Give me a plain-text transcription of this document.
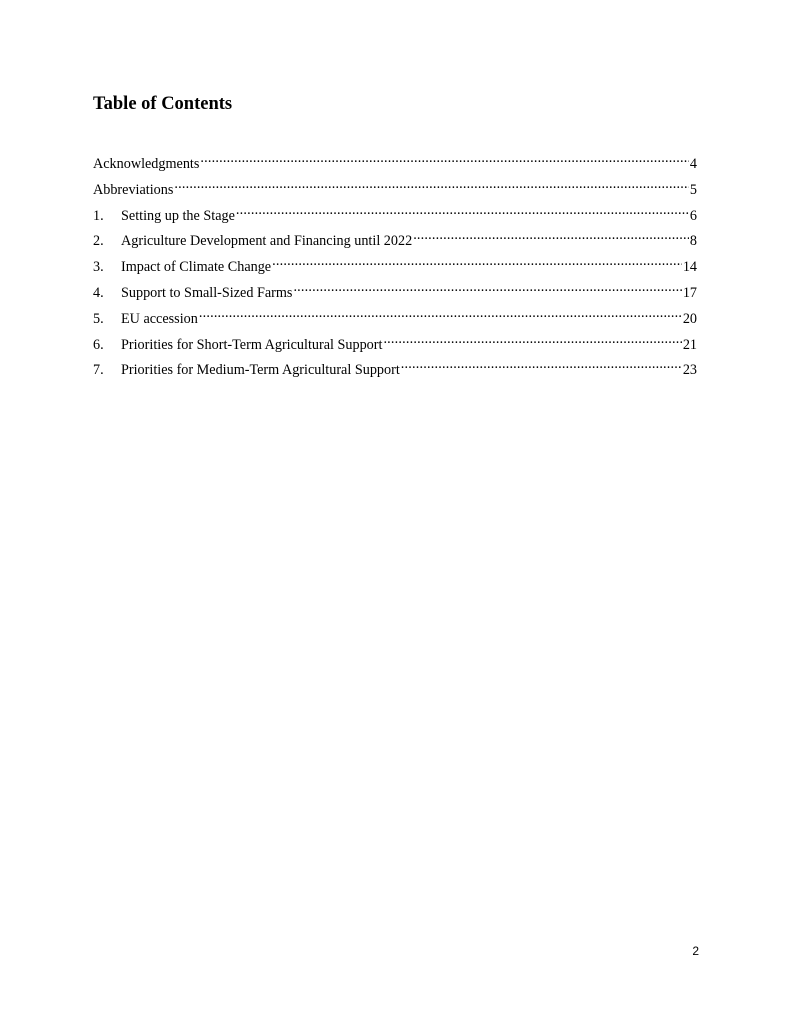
Table of Contents
Acknowledgments .....	4
Abbreviations .....	5
1.	Setting up the Stage .....	6
2.	Agriculture Development and Financing until 2022 .....	8
3.	Impact of Climate Change .....	14
4.	Support to Small-Sized Farms .....	17
5.	EU accession .....	20
6.	Priorities for Short-Term Agricultural Support .....	21
7.	Priorities for Medium-Term Agricultural Support .....	23
2
